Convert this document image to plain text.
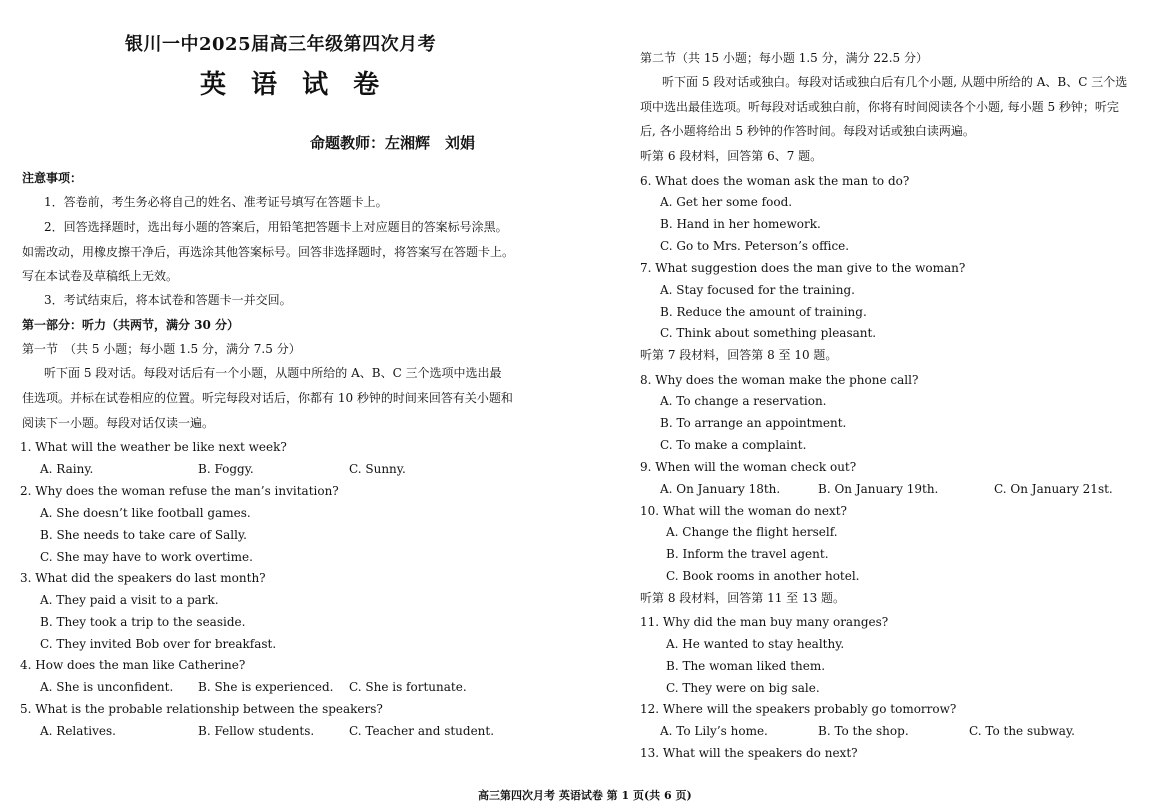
银川一中2025届高三年级第四次月考
英 语 试 卷
命题教师：左湘辉　刘娟
注意事项：
1．答卷前，考生务必将自己的姓名、准考证号填写在答题卡上。
2．回答选择题时，选出每小题的答案后，用铅笔把答题卡上对应题目的答案标号涂黑。
如需改动，用橡皮擦干净后，再选涂其他答案标号。回答非选择题时，将答案写在答题卡上。
写在本试卷及草稿纸上无效。
3．考试结束后，将本试卷和答题卡一并交回。
第一部分：听力（共两节，满分 30 分）
第一节　（共 5 小题；每小题 1.5 分，满分 7.5 分）
听下面 5 段对话。每段对话后有一个小题，从题中所给的 A、B、C 三个选项中选出最
佳选项。并标在试卷相应的位置。听完每段对话后，你都有 10 秒钟的时间来回答有关小题和
阅读下一小题。每段对话仅读一遍。
1. What will the weather be like next week?
A. Rainy.	B. Foggy.	C. Sunny.
2. Why does the woman refuse the man’s invitation?
A. She doesn’t like football games.
B. She needs to take care of Sally.
C. She may have to work overtime.
3. What did the speakers do last month?
A. They paid a visit to a park.
B. They took a trip to the seaside.
C. They invited Bob over for breakfast.
4. How does the man like Catherine?
A. She is unconfident. B. She is experienced. C. She is fortunate.
5. What is the probable relationship between the speakers?
A. Relatives.	B. Fellow students.	C. Teacher and student.
第二节（共 15 小题；每小题 1.5 分，满分 22.5 分）
听下面 5 段对话或独白。每段对话或独白后有几个小题, 从题中所给的 A、B、C 三个选
项中选出最佳选项。听每段对话或独白前，你将有时间阅读各个小题, 每小题 5 秒钟；听完
后, 各小题将给出 5 秒钟的作答时间。每段对话或独白读两遍。
听第 6 段材料，回答第 6、7 题。
6. What does the woman ask the man to do?
A. Get her some food.
B. Hand in her homework.
C. Go to Mrs. Peterson’s office.
7. What suggestion does the man give to the woman?
A. Stay focused for the training.
B. Reduce the amount of training.
C. Think about something pleasant.
听第 7 段材料，回答第 8 至 10 题。
8. Why does the woman make the phone call?
A. To change a reservation.
B. To arrange an appointment.
C. To make a complaint.
9. When will the woman check out?
A. On January 18th.	B. On January 19th.	C. On January 21st.
10. What will the woman do next?
A. Change the flight herself.
B. Inform the travel agent.
C. Book rooms in another hotel.
听第 8 段材料，回答第 11 至 13 题。
11. Why did the man buy many oranges?
A. He wanted to stay healthy.
B. The woman liked them.
C. They were on big sale.
12. Where will the speakers probably go tomorrow?
A. To Lily’s home.	B. To the shop.	C. To the subway.
13. What will the speakers do next?
高三第四次月考 英语试卷 第 1 页(共 6 页)
